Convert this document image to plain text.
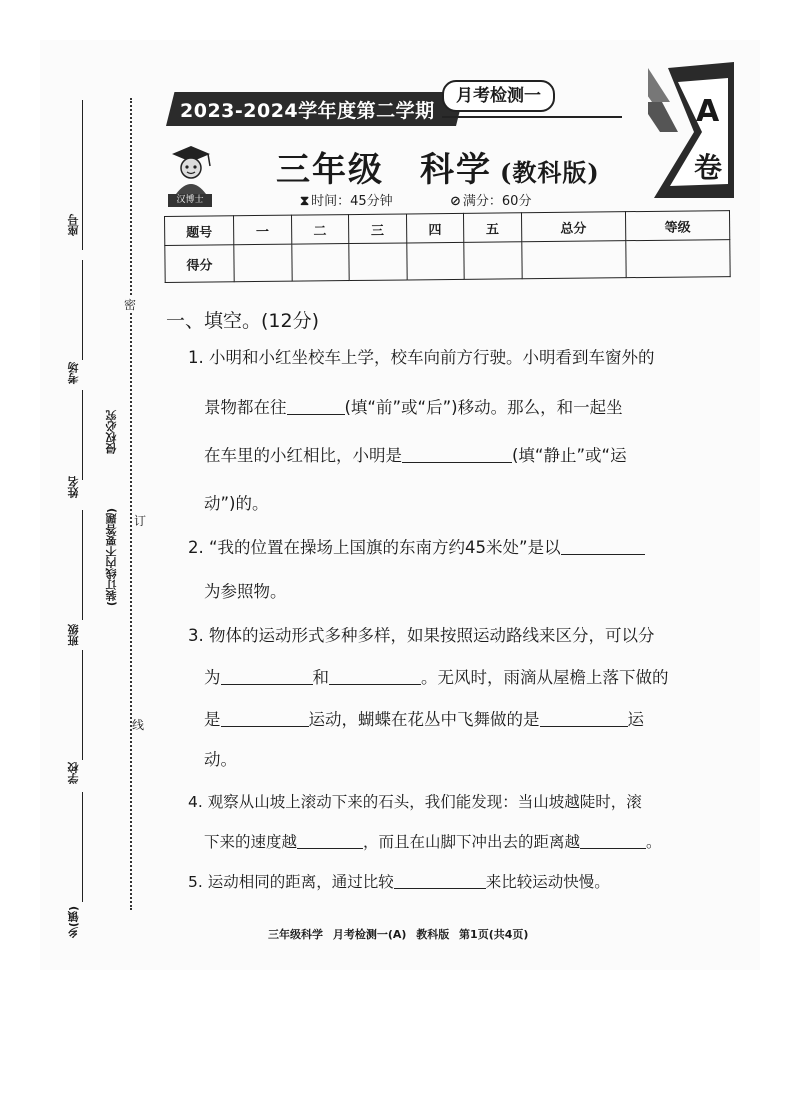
座号
考场
姓名
班级
学校
乡(镇)
侵权必究
(装订线内不要答题)
密
订
线
2023-2024学年度第二学期
月考检测一	A
卷
汉博士
三年级 科学 (教科版)
⧗ 时间：45分钟	⊘ 满分：60分
题号	一	二	三	四	五	总分	等级
得分							
一、填空。(12分)
1. 小明和小红坐校车上学，校车向前方行驶。小明看到车窗外的
景物都在往	(填“前”或“后”)移动。那么，和一起坐
在车里的小红相比，小明是	(填“静止”或“运
动”)的。
2. “我的位置在操场上国旗的东南方约45米处”是以
为参照物。
3. 物体的运动形式多种多样，如果按照运动路线来区分，可以分
为	和	。无风时，雨滴从屋檐上落下做的
是	运动，蝴蝶在花丛中飞舞做的是	运
动。
4. 观察从山坡上滚动下来的石头，我们能发现：当山坡越陡时，滚
下来的速度越	，而且在山脚下冲出去的距离越	。
5. 运动相同的距离，通过比较	来比较运动快慢。
三年级科学 月考检测一(A) 教科版 第1页(共4页)
